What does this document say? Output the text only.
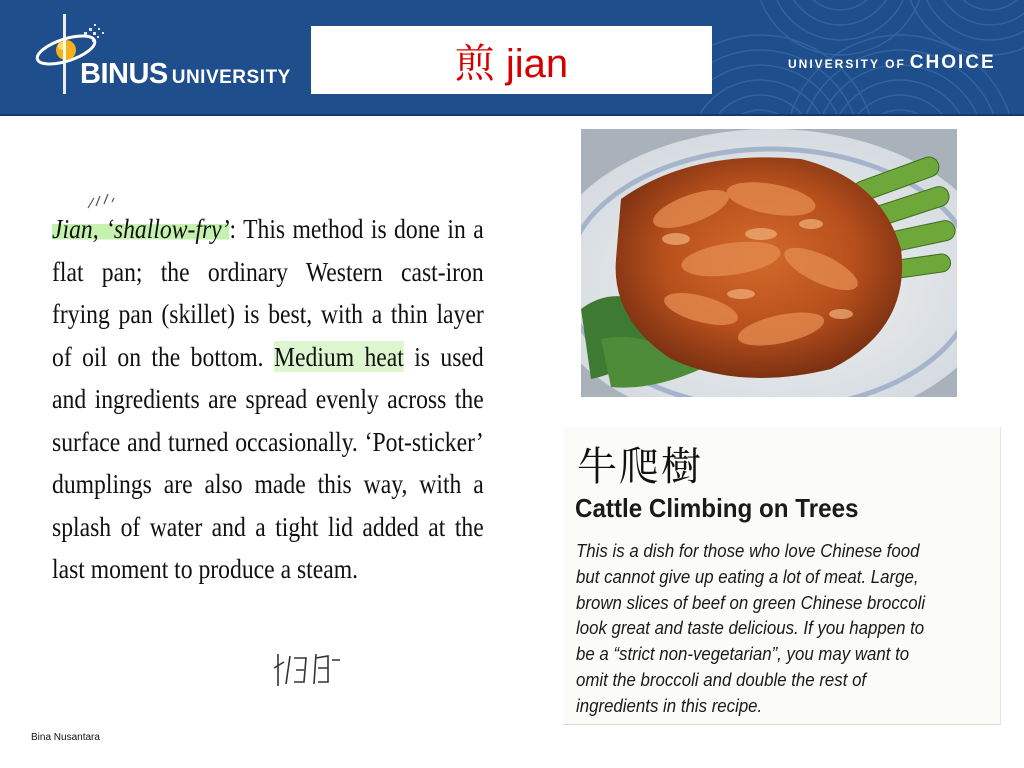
BINUS UNIVERSITY	煎 jian	UNIVERSITY OF CHOICE
Jian, ‘shallow-fry’: This method is done in a flat pan; the ordinary Western cast-iron frying pan (skillet) is best, with a thin layer of oil on the bottom. Medium heat is used and ingredients are spread evenly across the surface and turned occasionally. ‘Pot-sticker’ dumplings are also made this way, with a splash of water and a tight lid added at the last moment to produce a steam.
牛爬樹
Cattle Climbing on Trees
This is a dish for those who love Chinese food
but cannot give up eating a lot of meat. Large,
brown slices of beef on green Chinese broccoli
look great and taste delicious. If you happen to
be a “strict non-vegetarian”, you may want to
omit the broccoli and double the rest of
ingredients in this recipe.
Bina Nusantara
